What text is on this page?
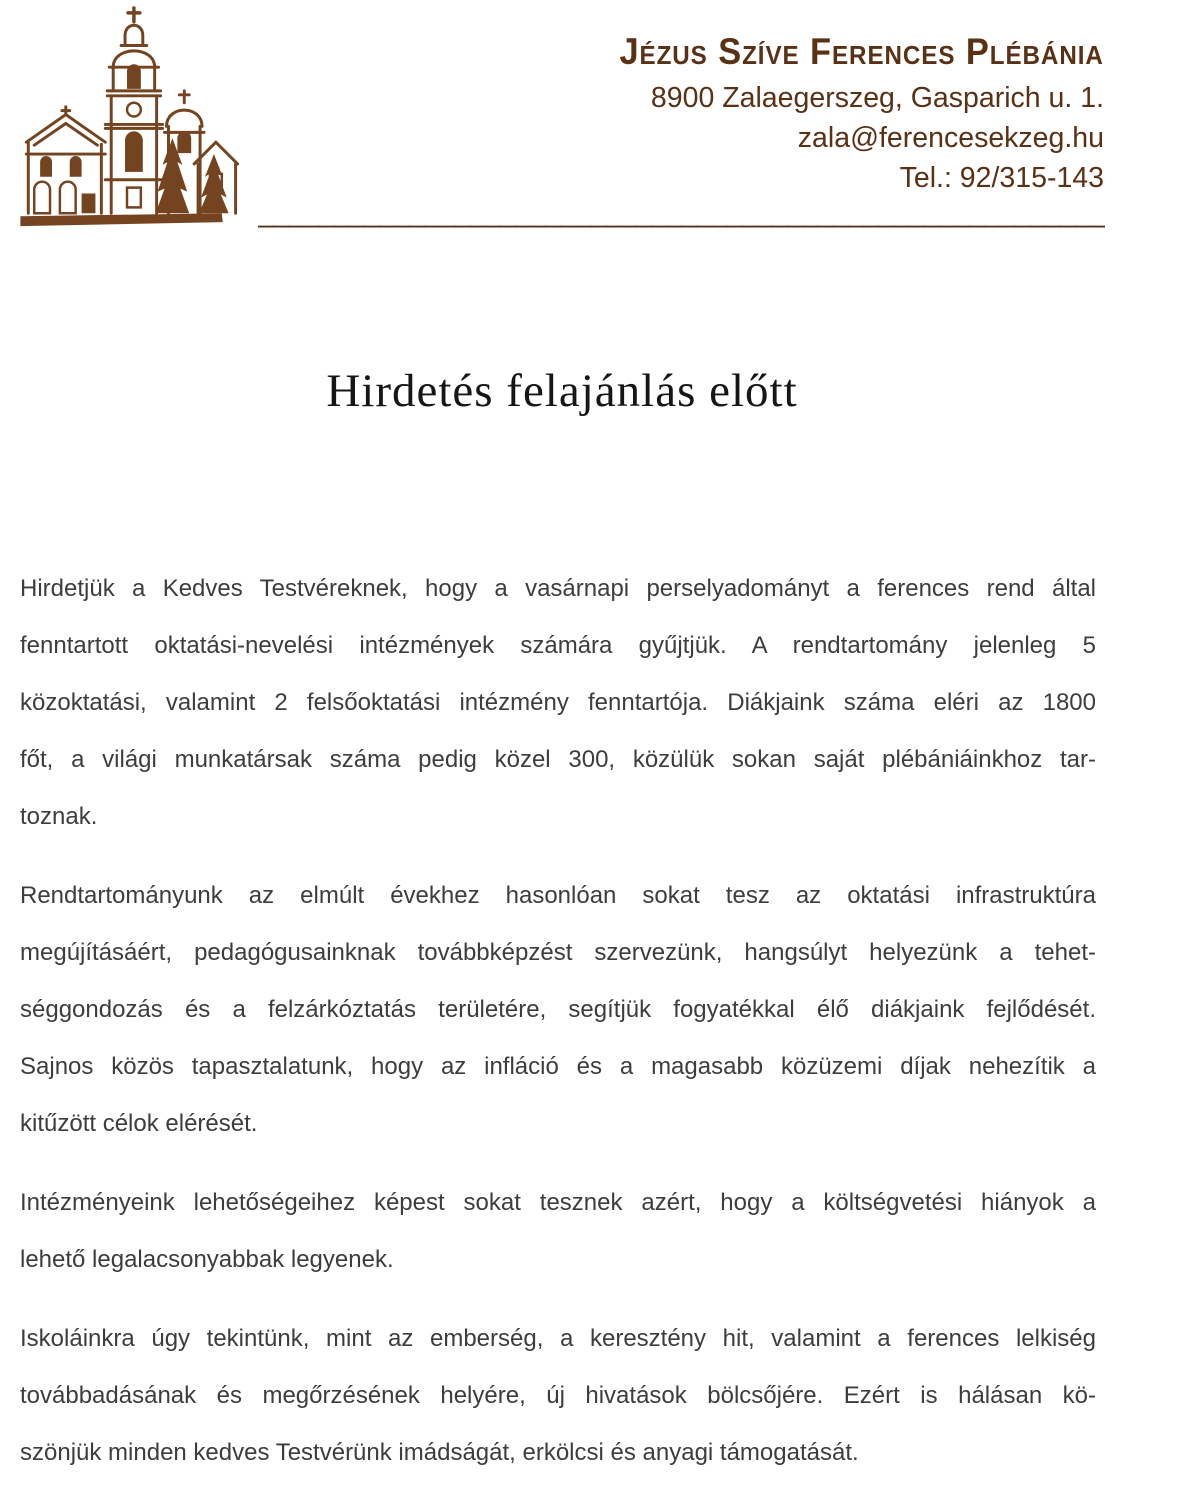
Jézus Szíve Ferences Plébánia
8900 Zalaegerszeg, Gasparich u. 1.
zala@ferencesekzeg.hu
Tel.: 92/315-143
________________________________________________________
Hirdetés felajánlás előtt
Hirdetjük a Kedves Testvéreknek, hogy a vasárnapi perselyadományt a ferences rend által
fenntartott oktatási-nevelési intézmények számára gyűjtjük. A rendtartomány jelenleg 5
közoktatási, valamint 2 felsőoktatási intézmény fenntartója. Diákjaink száma eléri az 1800
főt, a világi munkatársak száma pedig közel 300, közülük sokan saját plébániáinkhoz tar-
toznak.
Rendtartományunk az elmúlt évekhez hasonlóan sokat tesz az oktatási infrastruktúra
megújításáért, pedagógusainknak továbbképzést szervezünk, hangsúlyt helyezünk a tehet-
séggondozás és a felzárkóztatás területére, segítjük fogyatékkal élő diákjaink fejlődését.
Sajnos közös tapasztalatunk, hogy az infláció és a magasabb közüzemi díjak nehezítik a
kitűzött célok elérését.
Intézményeink lehetőségeihez képest sokat tesznek azért, hogy a költségvetési hiányok a
lehető legalacsonyabbak legyenek.
Iskoláinkra úgy tekintünk, mint az emberség, a keresztény hit, valamint a ferences lelkiség
továbbadásának és megőrzésének helyére, új hivatások bölcsőjére. Ezért is hálásan kö-
szönjük minden kedves Testvérünk imádságát, erkölcsi és anyagi támogatását.
